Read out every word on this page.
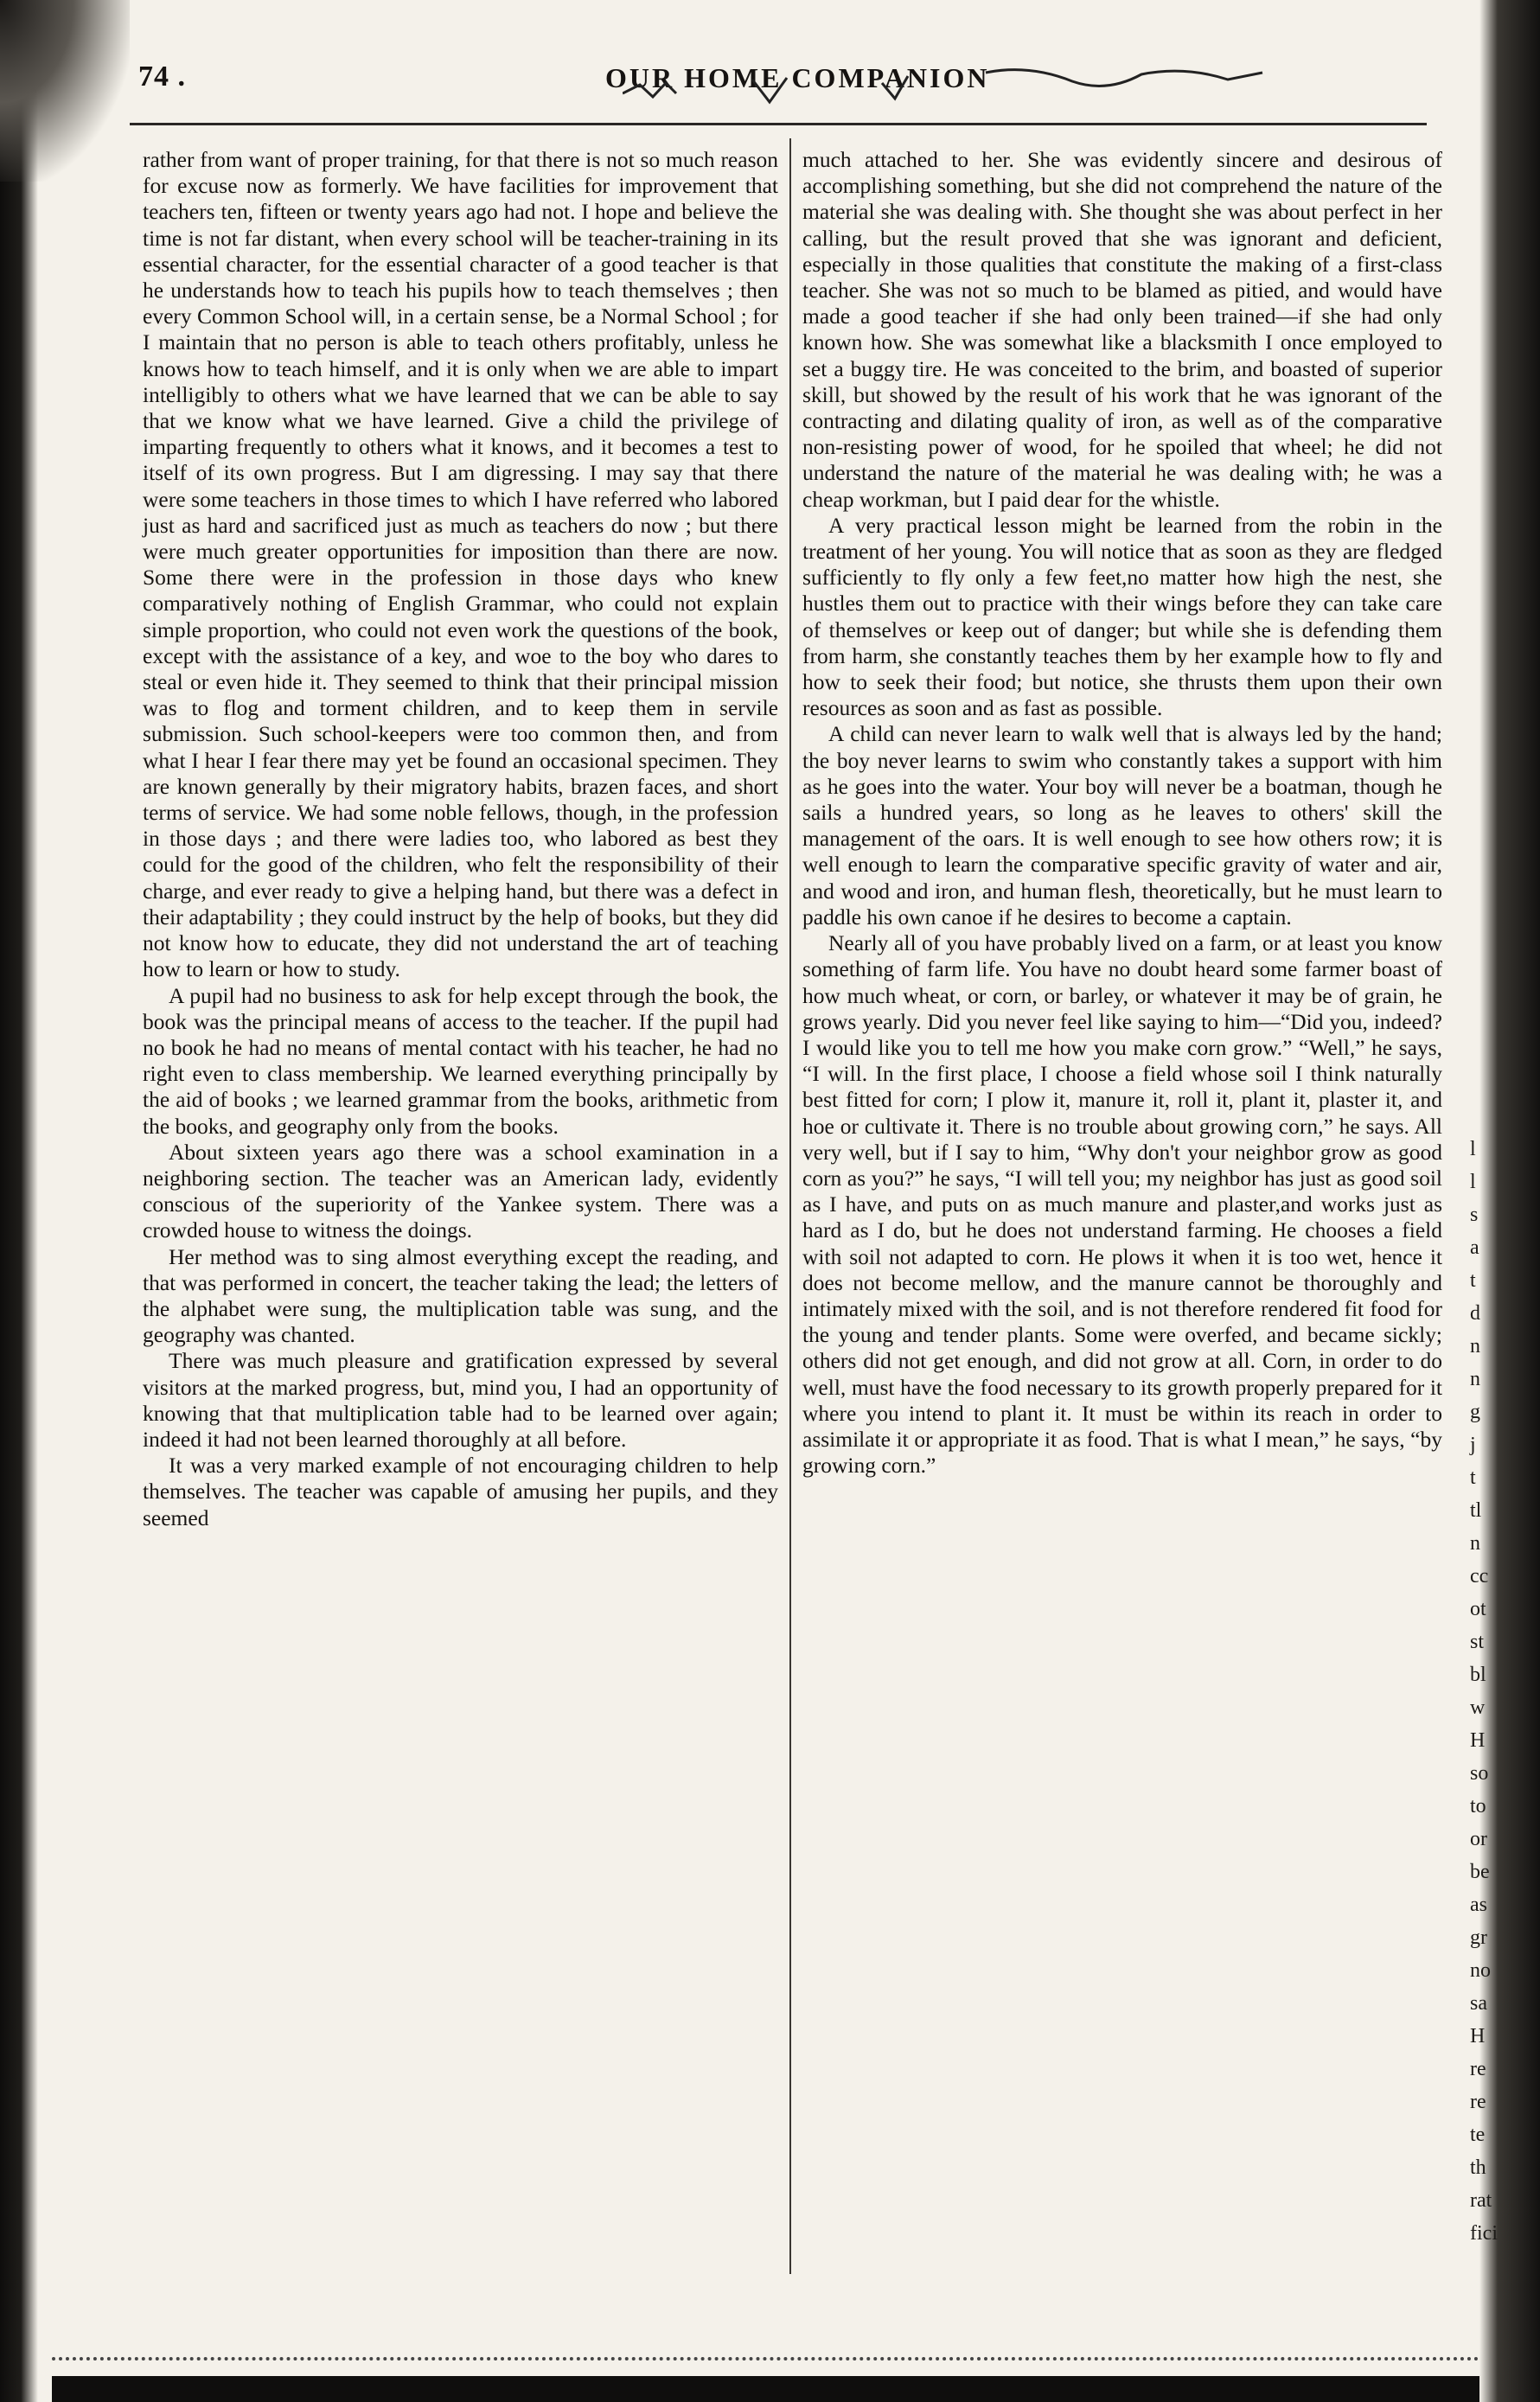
74 .	OUR HOME COMPANION

rather from want of proper training, for that there is not so much reason for excuse now as formerly. We have facilities for improvement that teachers ten, fifteen or twenty years ago had not. I hope and believe the time is not far distant, when every school will be teacher-training in its essential character, for the essential character of a good teacher is that he understands how to teach his pupils how to teach themselves ; then every Common School will, in a certain sense, be a Normal School ; for I maintain that no person is able to teach others profitably, unless he knows how to teach himself, and it is only when we are able to impart intelligibly to others what we have learned that we can be able to say that we know what we have learned. Give a child the privilege of imparting frequently to others what it knows, and it becomes a test to itself of its own progress. But I am digressing. I may say that there were some teachers in those times to which I have referred who labored just as hard and sacrificed just as much as teachers do now ; but there were much greater opportunities for imposition than there are now. Some there were in the profession in those days who knew comparatively nothing of English Grammar, who could not explain simple proportion, who could not even work the questions of the book, except with the assistance of a key, and woe to the boy who dares to steal or even hide it. They seemed to think that their principal mission was to flog and torment children, and to keep them in servile submission. Such school-keepers were too common then, and from what I hear I fear there may yet be found an occasional specimen. They are known generally by their migratory habits, brazen faces, and short terms of service. We had some noble fellows, though, in the profession in those days ; and there were ladies too, who labored as best they could for the good of the children, who felt the responsibility of their charge, and ever ready to give a helping hand, but there was a defect in their adaptability ; they could instruct by the help of books, but they did not know how to educate, they did not understand the art of teaching how to learn or how to study.

A pupil had no business to ask for help except through the book, the book was the principal means of access to the teacher. If the pupil had no book he had no means of mental contact with his teacher, he had no right even to class membership. We learned everything principally by the aid of books ; we learned grammar from the books, arithmetic from the books, and geography only from the books.

About sixteen years ago there was a school examination in a neighboring section. The teacher was an American lady, evidently conscious of the superiority of the Yankee system. There was a crowded house to witness the doings.

Her method was to sing almost everything except the reading, and that was performed in concert, the teacher taking the lead; the letters of the alphabet were sung, the multiplication table was sung, and the geography was chanted.

There was much pleasure and gratification expressed by several visitors at the marked progress, but, mind you, I had an opportunity of knowing that that multiplication table had to be learned over again; indeed it had not been learned thoroughly at all before.

It was a very marked example of not encouraging children to help themselves. The teacher was capable of amusing her pupils, and they seemed

much attached to her. She was evidently sincere and desirous of accomplishing something, but she did not comprehend the nature of the material she was dealing with. She thought she was about perfect in her calling, but the result proved that she was ignorant and deficient, especially in those qualities that constitute the making of a first-class teacher. She was not so much to be blamed as pitied, and would have made a good teacher if she had only been trained—if she had only known how. She was somewhat like a blacksmith I once employed to set a buggy tire. He was conceited to the brim, and boasted of superior skill, but showed by the result of his work that he was ignorant of the contracting and dilating quality of iron, as well as of the comparative non-resisting power of wood, for he spoiled that wheel; he did not understand the nature of the material he was dealing with; he was a cheap workman, but I paid dear for the whistle.

A very practical lesson might be learned from the robin in the treatment of her young. You will notice that as soon as they are fledged sufficiently to fly only a few feet,no matter how high the nest, she hustles them out to practice with their wings before they can take care of themselves or keep out of danger; but while she is defending them from harm, she constantly teaches them by her example how to fly and how to seek their food; but notice, she thrusts them upon their own resources as soon and as fast as possible.

A child can never learn to walk well that is always led by the hand; the boy never learns to swim who constantly takes a support with him as he goes into the water. Your boy will never be a boatman, though he sails a hundred years, so long as he leaves to others' skill the management of the oars. It is well enough to see how others row; it is well enough to learn the comparative specific gravity of water and air, and wood and iron, and human flesh, theoretically, but he must learn to paddle his own canoe if he desires to become a captain.

Nearly all of you have probably lived on a farm, or at least you know something of farm life. You have no doubt heard some farmer boast of how much wheat, or corn, or barley, or whatever it may be of grain, he grows yearly. Did you never feel like saying to him—“Did you, indeed? I would like you to tell me how you make corn grow.” “Well,” he says, “I will. In the first place, I choose a field whose soil I think naturally best fitted for corn; I plow it, manure it, roll it, plant it, plaster it, and hoe or cultivate it. There is no trouble about growing corn,” he says. All very well, but if I say to him, “Why don't your neighbor grow as good corn as you?” he says, “I will tell you; my neighbor has just as good soil as I have, and puts on as much manure and plaster,and works just as hard as I do, but he does not understand farming. He chooses a field with soil not adapted to corn. He plows it when it is too wet, hence it does not become mellow, and the manure cannot be thoroughly and intimately mixed with the soil, and is not therefore rendered fit food for the young and tender plants. Some were overfed, and became sickly; others did not get enough, and did not grow at all. Corn, in order to do well, must have the food necessary to its growth properly prepared for it where you intend to plant it. It must be within its reach in order to assimilate it or appropriate it as food. That is what I mean,” he says, “by growing corn.”

l
l
s
a
t
d
n
n
g
j
t
tl
n
cc
ot
st
bl
w
H
so
to
or
be
as
gr
no
sa
H
re
re
te
th
rat
fici
